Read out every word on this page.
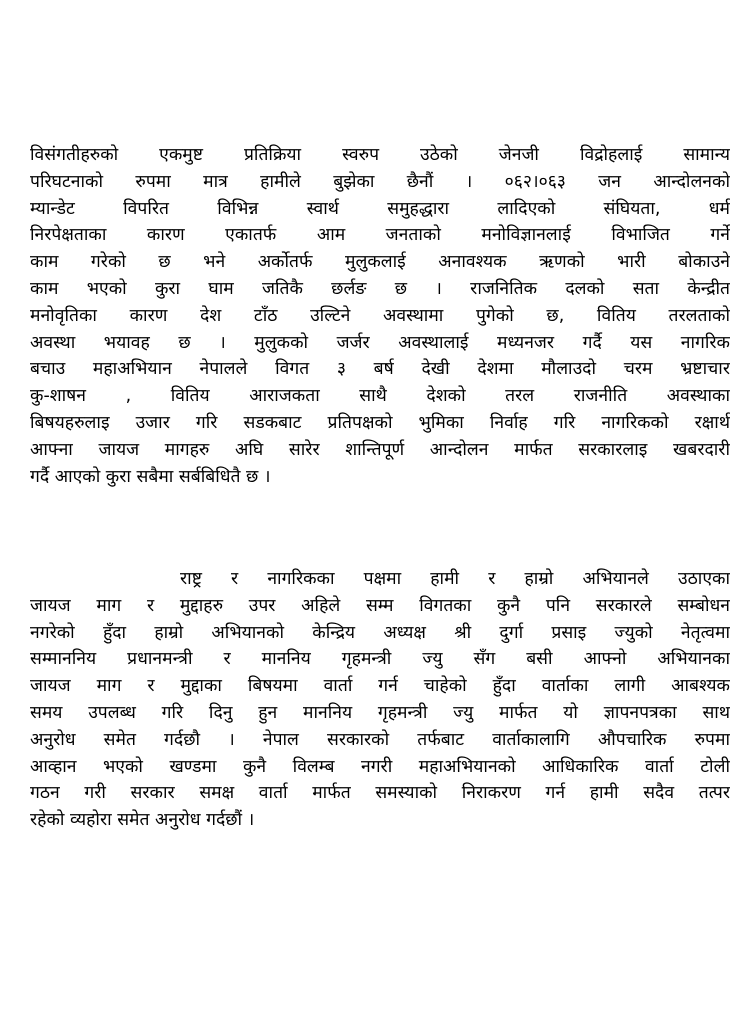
विसंगतीहरुको एकमुष्ट प्रतिक्रिया स्वरुप उठेको जेनजी विद्रोहलाई सामान्य
परिघटनाको रुपमा मात्र हामीले बुझेका छैनौं । ०६२।०६३ जन आन्दोलनको
म्यान्डेट विपरित विभिन्न स्वार्थ समुहद्धारा लादिएको संघियता, धर्म
निरपेक्षताका कारण एकातर्फ आम जनताको मनोविज्ञानलाई विभाजित गर्ने
काम गरेको छ भने अर्कोतर्फ मुलुकलाई अनावश्यक ऋणको भारी बोकाउने
काम भएको कुरा घाम जतिकै छर्लङ छ । राजनितिक दलको सता केन्द्रीत
मनोवृतिका कारण देश टाँठ उल्टिने अवस्थामा पुगेको छ, वितिय तरलताको
अवस्था भयावह छ । मुलुकको जर्जर अवस्थालाई मध्यनजर गर्दै यस नागरिक
बचाउ महाअभियान नेपालले विगत ३ बर्ष देखी देशमा मौलाउदो चरम भ्रष्टाचार
कु-शाषन , वितिय आराजकता साथै देशको तरल राजनीति अवस्थाका
बिषयहरुलाइ उजार गरि सडकबाट प्रतिपक्षको भुमिका निर्वाह गरि नागरिकको रक्षार्थ
आफ्ना जायज मागहरु अघि सारेर शान्तिपूर्ण आन्दोलन मार्फत सरकारलाइ खबरदारी
गर्दै आएको कुरा सबैमा सर्बबिधितै छ ।
राष्ट्र र नागरिकका पक्षमा हामी र हाम्रो अभियानले उठाएका
जायज माग र मुद्दाहरु उपर अहिले सम्म विगतका कुनै पनि सरकारले सम्बोधन
नगरेको हुँदा हाम्रो अभियानको केन्द्रिय अध्यक्ष श्री दुर्गा प्रसाइ ज्युको नेतृत्वमा
सम्माननिय प्रधानमन्त्री र माननिय गृहमन्त्री ज्यु सँग बसी आफ्नो अभियानका
जायज माग र मुद्दाका बिषयमा वार्ता गर्न चाहेको हुँदा वार्ताका लागी आबश्यक
समय उपलब्ध गरि दिनु हुन माननिय गृहमन्त्री ज्यु मार्फत यो ज्ञापनपत्रका साथ
अनुरोध समेत गर्दछौ । नेपाल सरकारको तर्फबाट वार्ताकालागि औपचारिक रुपमा
आव्हान भएको खण्डमा कुनै विलम्ब नगरी महाअभियानको आधिकारिक वार्ता टोली
गठन गरी सरकार समक्ष वार्ता मार्फत समस्याको निराकरण गर्न हामी सदैव तत्पर
रहेको व्यहोरा समेत अनुरोध गर्दछौं ।
